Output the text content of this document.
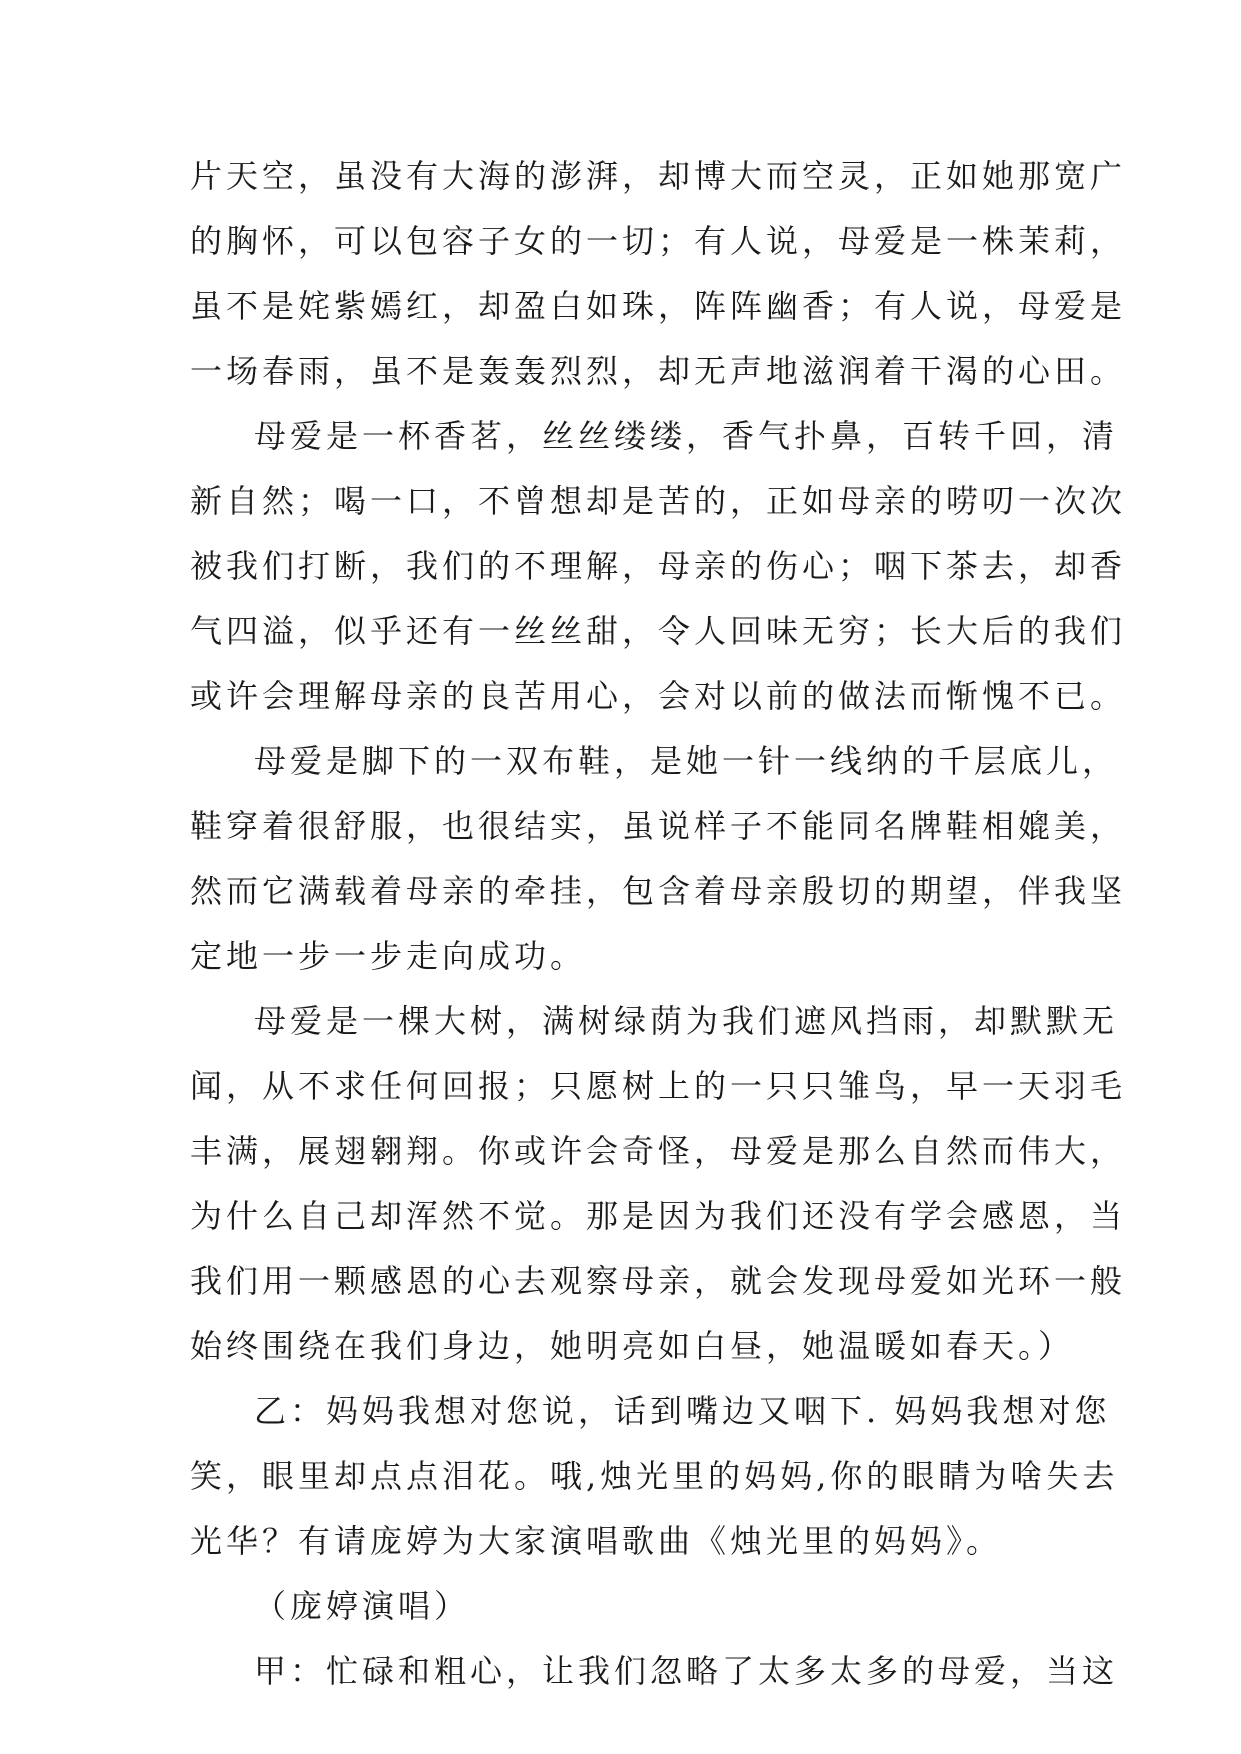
片天空，虽没有大海的澎湃，却博大而空灵，正如她那宽广
的胸怀，可以包容子女的一切；有人说，母爱是一株茉莉，
虽不是姹紫嫣红，却盈白如珠，阵阵幽香；有人说，母爱是
一场春雨，虽不是轰轰烈烈，却无声地滋润着干渴的心田。
母爱是一杯香茗，丝丝缕缕，香气扑鼻，百转千回，清
新自然；喝一口，不曾想却是苦的，正如母亲的唠叨一次次
被我们打断，我们的不理解，母亲的伤心；咽下茶去，却香
气四溢，似乎还有一丝丝甜，令人回味无穷；长大后的我们
或许会理解母亲的良苦用心，会对以前的做法而惭愧不已。
母爱是脚下的一双布鞋，是她一针一线纳的千层底儿，
鞋穿着很舒服，也很结实，虽说样子不能同名牌鞋相媲美，
然而它满载着母亲的牵挂，包含着母亲殷切的期望，伴我坚
定地一步一步走向成功。
母爱是一棵大树，满树绿荫为我们遮风挡雨，却默默无
闻，从不求任何回报；只愿树上的一只只雏鸟，早一天羽毛
丰满，展翅翱翔。你或许会奇怪，母爱是那么自然而伟大，
为什么自己却浑然不觉。那是因为我们还没有学会感恩，当
我们用一颗感恩的心去观察母亲，就会发现母爱如光环一般
始终围绕在我们身边，她明亮如白昼，她温暖如春天。）
乙：妈妈我想对您说，话到嘴边又咽下. 妈妈我想对您
笑，眼里却点点泪花。哦,烛光里的妈妈,你的眼睛为啥失去
光华？有请庞婷为大家演唱歌曲《烛光里的妈妈》。
（庞婷演唱）
甲：忙碌和粗心，让我们忽略了太多太多的母爱，当这
